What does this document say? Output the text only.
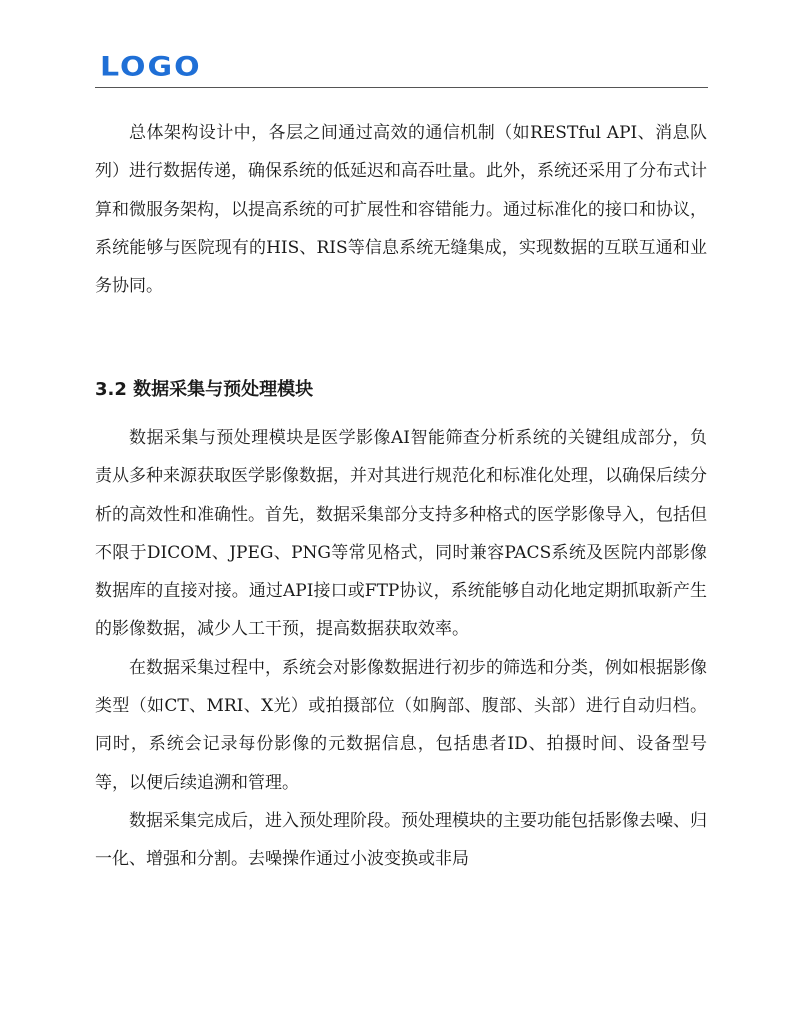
LOGO

总体架构设计中，各层之间通过高效的通信机制（如RESTful API、消息队列）进行数据传递，确保系统的低延迟和高吞吐量。此外，系统还采用了分布式计算和微服务架构，以提高系统的可扩展性和容错能力。通过标准化的接口和协议，系统能够与医院现有的HIS、RIS等信息系统无缝集成，实现数据的互联互通和业务协同。

3.2 数据采集与预处理模块

数据采集与预处理模块是医学影像AI智能筛查分析系统的关键组成部分，负责从多种来源获取医学影像数据，并对其进行规范化和标准化处理，以确保后续分析的高效性和准确性。首先，数据采集部分支持多种格式的医学影像导入，包括但不限于DICOM、JPEG、PNG等常见格式，同时兼容PACS系统及医院内部影像数据库的直接对接。通过API接口或FTP协议，系统能够自动化地定期抓取新产生的影像数据，减少人工干预，提高数据获取效率。

在数据采集过程中，系统会对影像数据进行初步的筛选和分类，例如根据影像类型（如CT、MRI、X光）或拍摄部位（如胸部、腹部、头部）进行自动归档。同时，系统会记录每份影像的元数据信息，包括患者ID、拍摄时间、设备型号等，以便后续追溯和管理。

数据采集完成后，进入预处理阶段。预处理模块的主要功能包括影像去噪、归一化、增强和分割。去噪操作通过小波变换或非局
